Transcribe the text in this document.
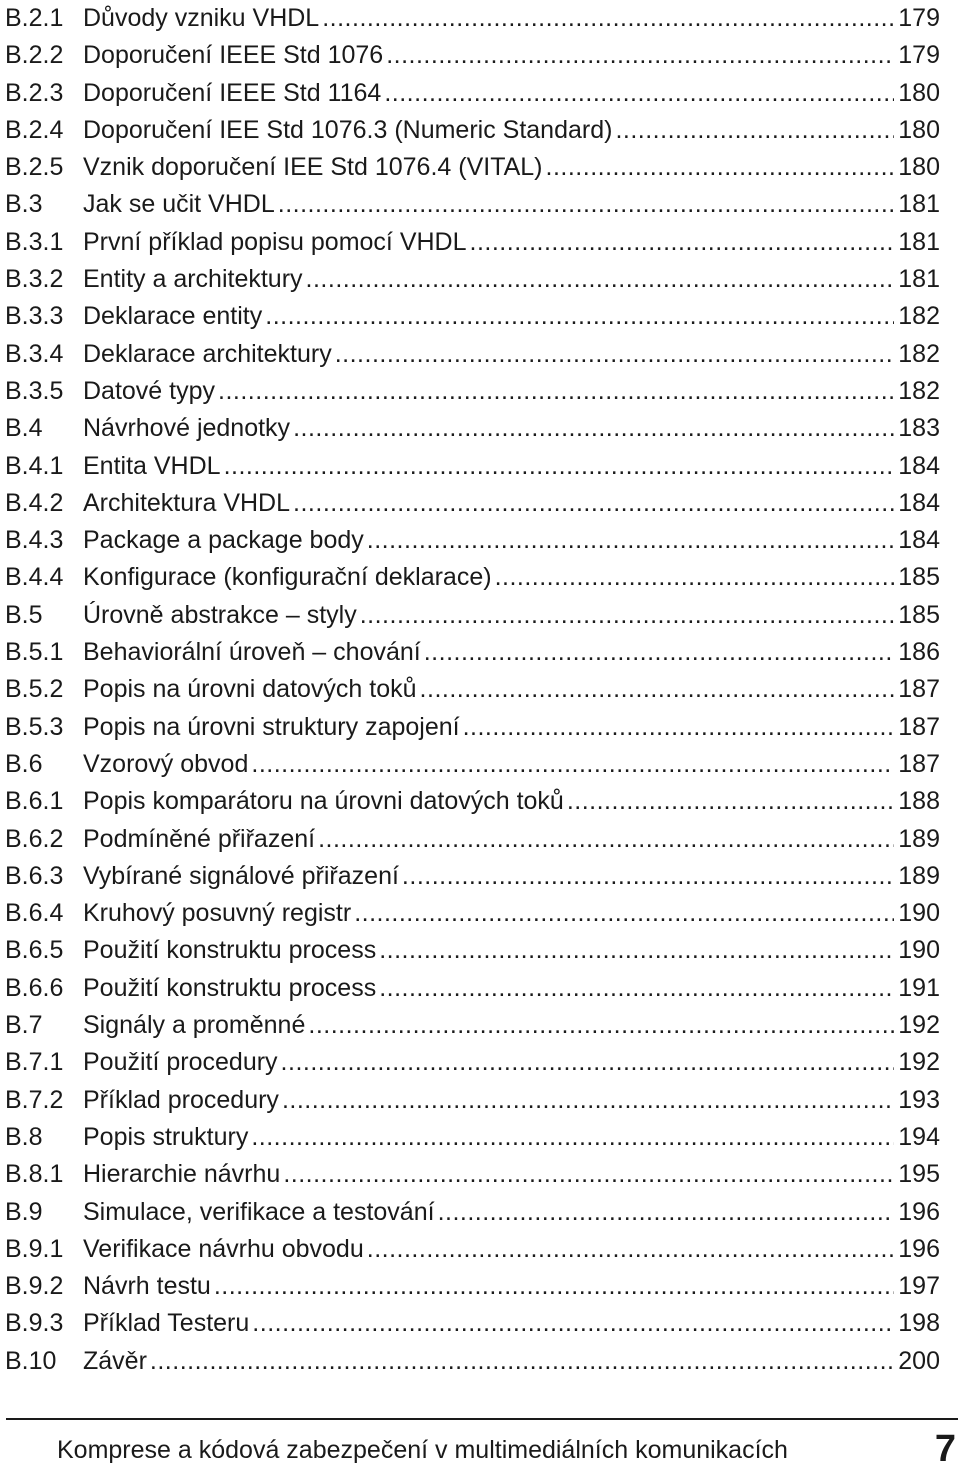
B.2.1 Důvody vzniku VHDL .....	179
B.2.2 Doporučení IEEE Std 1076 .....	179
B.2.3 Doporučení IEEE Std 1164 .....	180
B.2.4 Doporučení IEE Std 1076.3 (Numeric Standard) .....	180
B.2.5 Vznik doporučení IEE Std 1076.4 (VITAL) .....	180
B.3	Jak se učit VHDL .....	181
B.3.1 První příklad popisu pomocí VHDL .....	181
B.3.2 Entity a architektury .....	181
B.3.3 Deklarace entity .....	182
B.3.4 Deklarace architektury .....	182
B.3.5 Datové typy .....	182
B.4	Návrhové jednotky .....	183
B.4.1 Entita VHDL .....	184
B.4.2 Architektura VHDL .....	184
B.4.3 Package a package body .....	184
B.4.4 Konfigurace (konfigurační deklarace) .....	185
B.5	Úrovně abstrakce – styly .....	185
B.5.1 Behaviorální úroveň – chování .....	186
B.5.2 Popis na úrovni datových toků .....	187
B.5.3 Popis na úrovni struktury zapojení .....	187
B.6	Vzorový obvod .....	187
B.6.1 Popis komparátoru na úrovni datových toků .....	188
B.6.2 Podmíněné přiřazení .....	189
B.6.3 Vybírané signálové přiřazení .....	189
B.6.4 Kruhový posuvný registr .....	190
B.6.5 Použití konstruktu process .....	190
B.6.6 Použití konstruktu process .....	191
B.7	Signály a proměnné .....	192
B.7.1 Použití procedury .....	192
B.7.2 Příklad procedury .....	193
B.8	Popis struktury .....	194
B.8.1 Hierarchie návrhu .....	195
B.9	Simulace, verifikace a testování .....	196
B.9.1 Verifikace návrhu obvodu .....	196
B.9.2 Návrh testu .....	197
B.9.3 Příklad Testeru .....	198
B.10	Závěr .....	200
Komprese a kódová zabezpečení v multimediálních komunikacích	7
